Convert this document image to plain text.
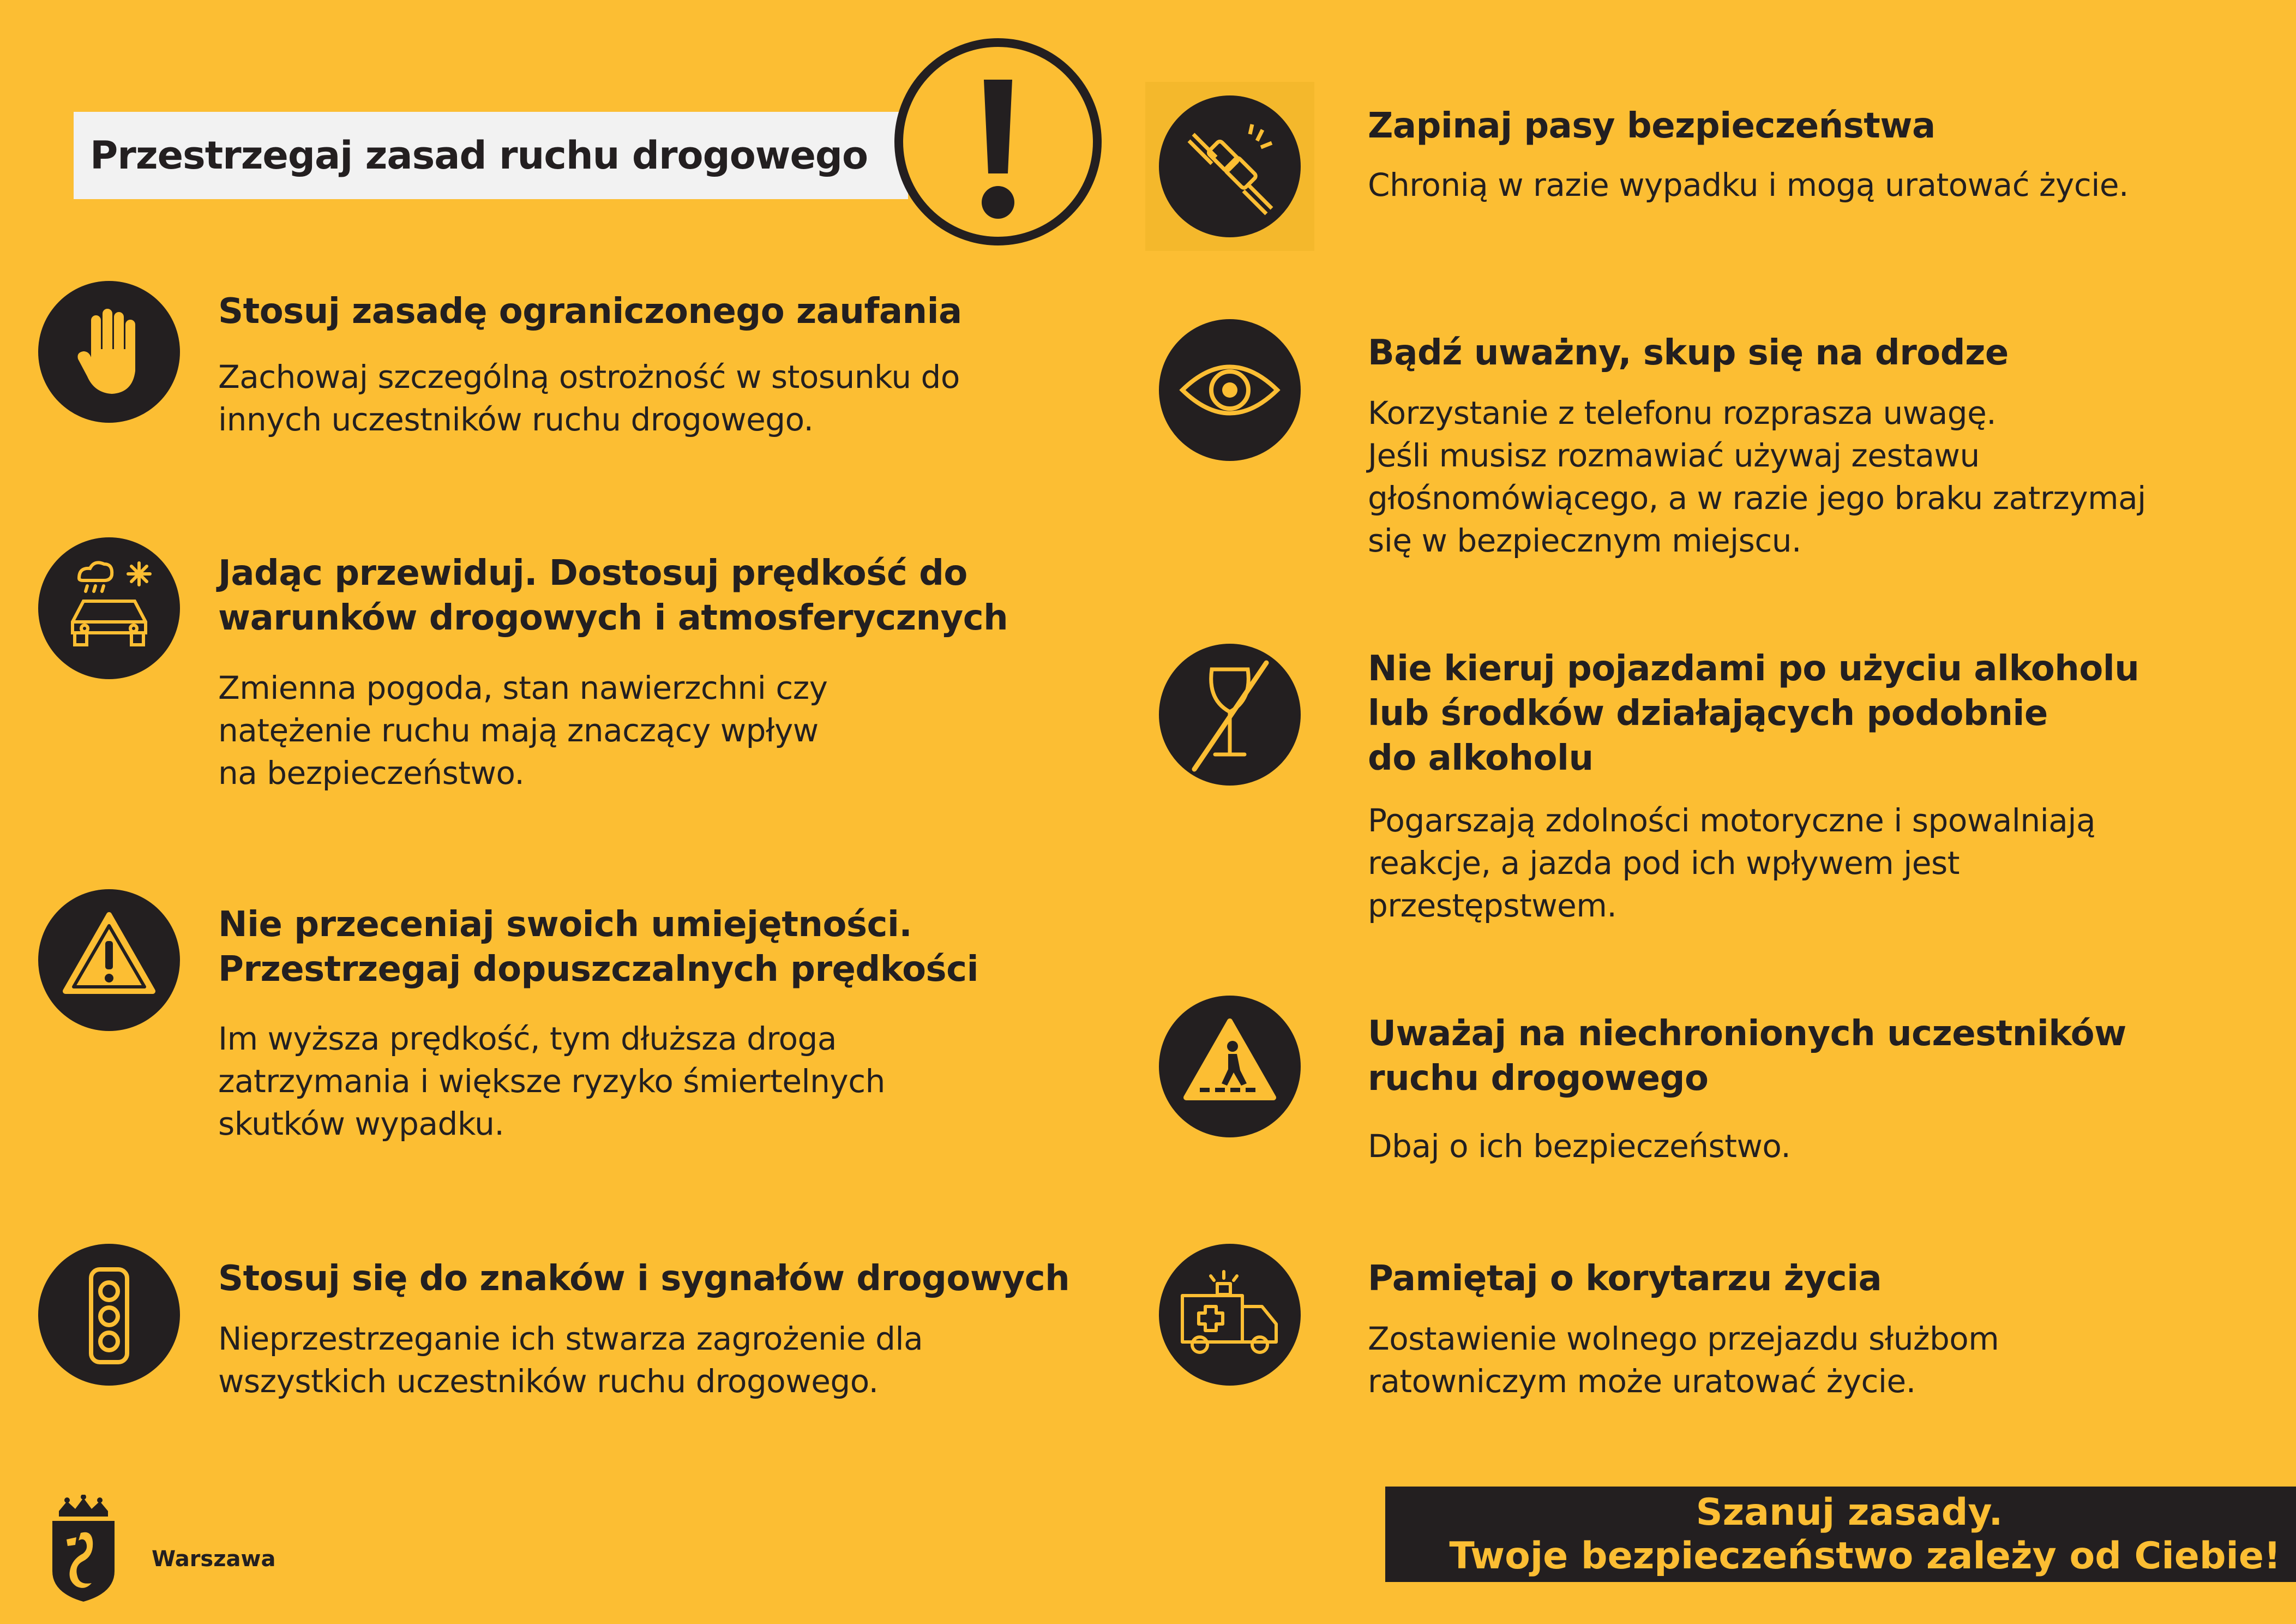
Przestrzegaj zasad ruchu drogowego
Stosuj zasadę ograniczonego zaufania
Zachowaj szczególną ostrożność w stosunku do
innych uczestników ruchu drogowego.
Jadąc przewiduj. Dostosuj prędkość do
warunków drogowych i atmosferycznych
Zmienna pogoda, stan nawierzchni czy
natężenie ruchu mają znaczący wpływ
na bezpieczeństwo.
Nie przeceniaj swoich umiejętności.
Przestrzegaj dopuszczalnych prędkości
Im wyższa prędkość, tym dłuższa droga
zatrzymania i większe ryzyko śmiertelnych
skutków wypadku.
Stosuj się do znaków i sygnałów drogowych
Nieprzestrzeganie ich stwarza zagrożenie dla
wszystkich uczestników ruchu drogowego.
Zapinaj pasy bezpieczeństwa
Chronią w razie wypadku i mogą uratować życie.
Bądź uważny, skup się na drodze
Korzystanie z telefonu rozprasza uwagę.
Jeśli musisz rozmawiać używaj zestawu
głośnomówiącego, a w razie jego braku zatrzymaj
się w bezpiecznym miejscu.
Nie kieruj pojazdami po użyciu alkoholu
lub środków działających podobnie
do alkoholu
Pogarszają zdolności motoryczne i spowalniają
reakcje, a jazda pod ich wpływem jest
przestępstwem.
Uważaj na niechronionych uczestników
ruchu drogowego
Dbaj o ich bezpieczeństwo.
Pamiętaj o korytarzu życia
Zostawienie wolnego przejazdu służbom
ratowniczym może uratować życie.
Warszawa
Szanuj zasady.
Twoje bezpieczeństwo zależy od Ciebie!
